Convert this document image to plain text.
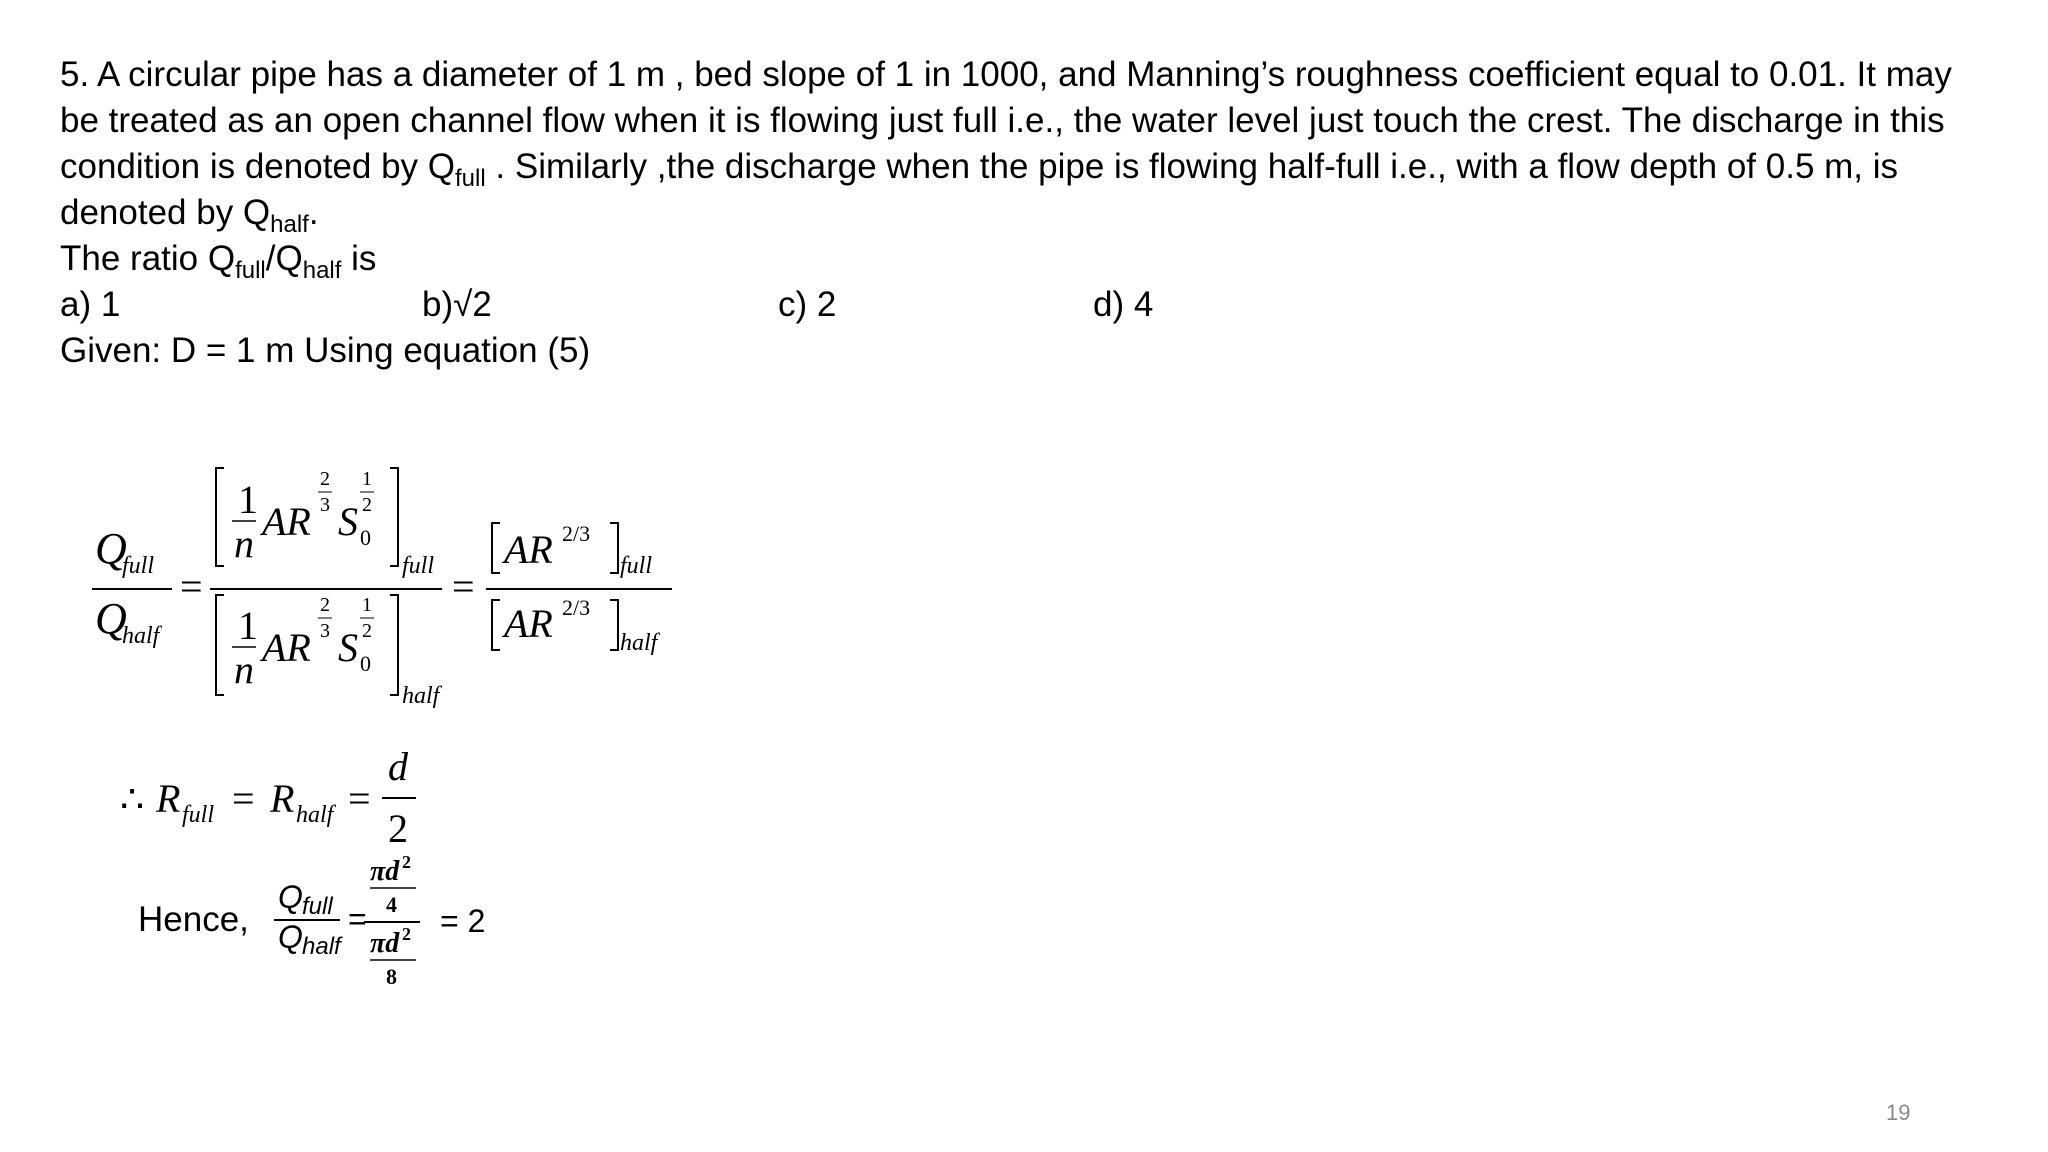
5. A circular pipe has a diameter of 1 m , bed slope of 1 in 1000, and Manning’s roughness coefficient equal to 0.01. It may

be treated as an open channel flow when it is flowing just full i.e., the water level just touch the crest. The discharge in this

condition is denoted by $Q_{full}$ . Similarly ,the discharge when the pipe is flowing half-full i.e., with a flow depth of 0.5 m, is

denoted by $Q_{half}$.

The ratio $Q_{full}/Q_{half}$ is

a) 1	b)√2	c) 2	d) 4

Given: D = 1 m Using equation (5)

Q
full
Q
half
=
1
n AR
2
3 S
1
2
0
full
1
n AR
2
3 S
1
2
0
half
=
AR 2/3
full
AR 2/3
half
∴ R full = R half =
d
2
Hence,
Q full
Q half
=
πd 2
4
πd 2
8
= 2
19
